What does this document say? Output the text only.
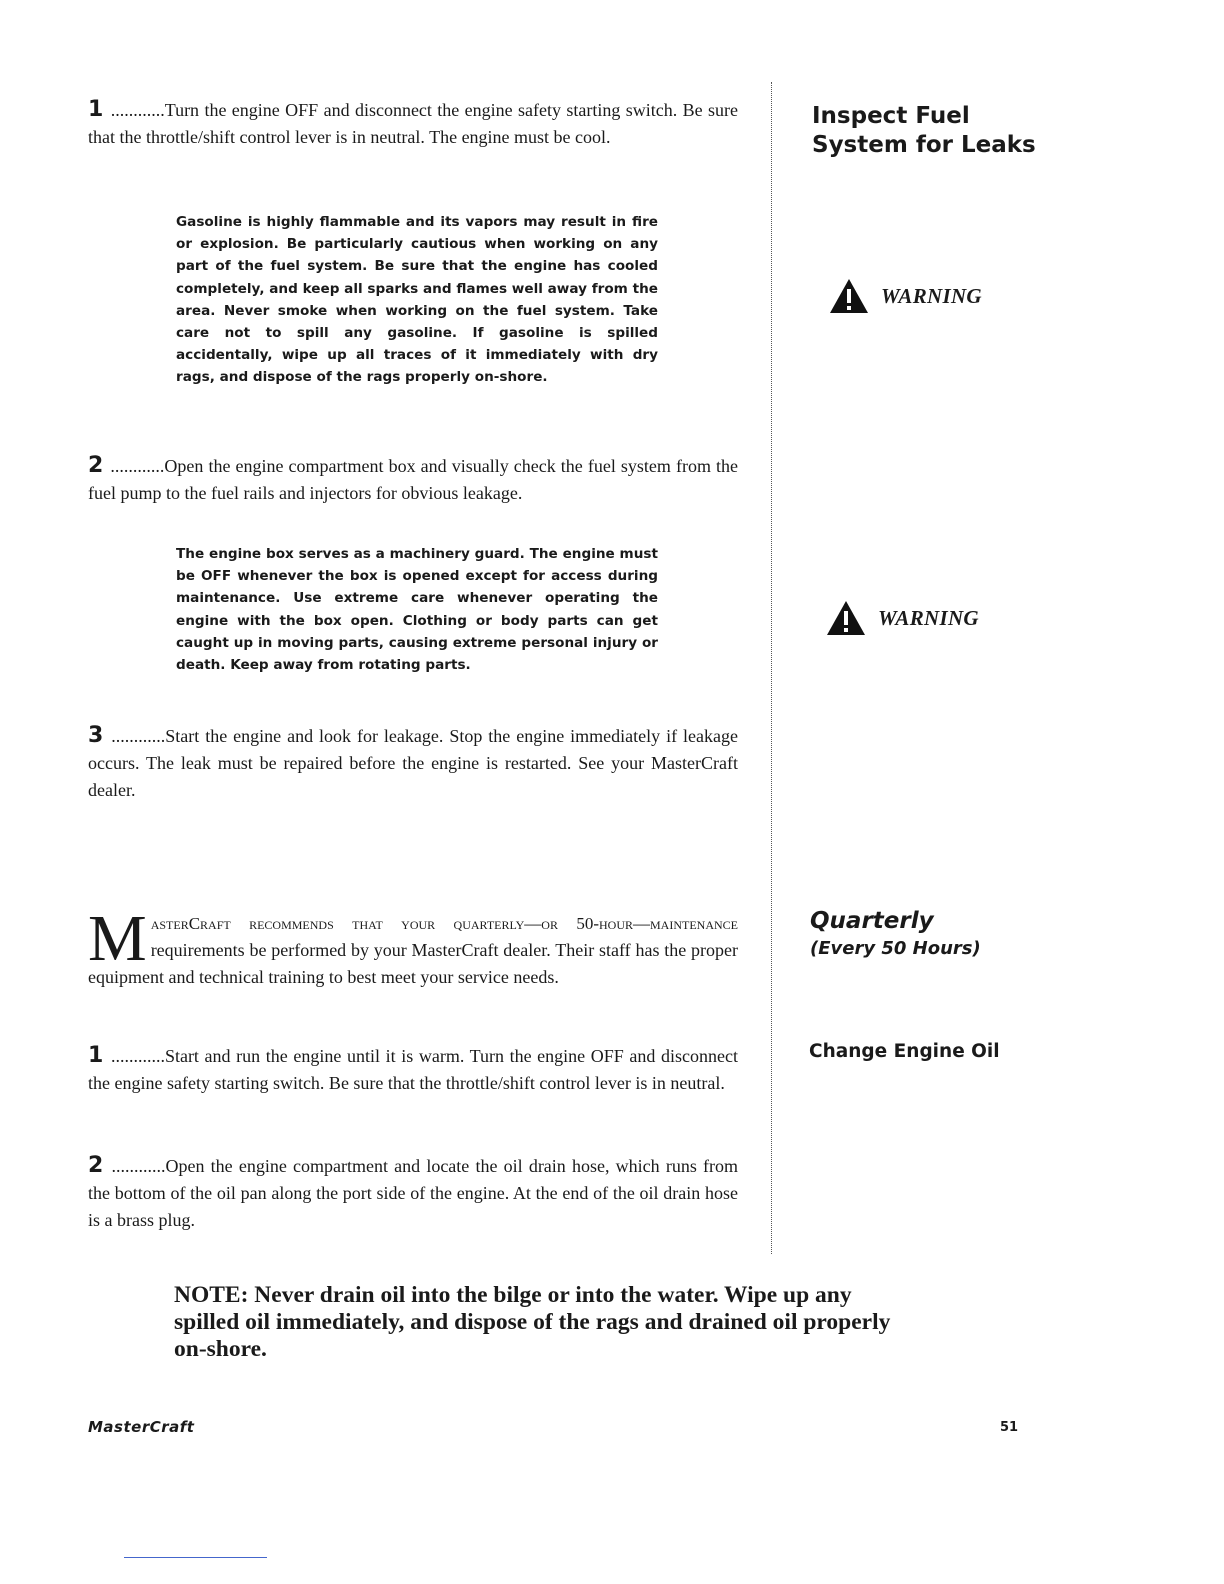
Inspect Fuel
System for Leaks

1 ............Turn the engine OFF and disconnect the engine safety starting switch. Be sure that the throttle/shift control lever is in neutral. The engine must be cool.

Gasoline is highly flammable and its vapors may result in fire or explosion. Be particularly cautious when working on any part of the fuel system. Be sure that the engine has cooled completely, and keep all sparks and flames well away from the area. Never smoke when working on the fuel system. Take care not to spill any gasoline. If gasoline is spilled accidentally, wipe up all traces of it immediately with dry rags, and dispose of the rags properly on-shore.

WARNING

2 ............Open the engine compartment box and visually check the fuel system from the fuel pump to the fuel rails and injectors for obvious leakage.

The engine box serves as a machinery guard. The engine must be OFF whenever the box is opened except for access during maintenance. Use extreme care whenever operating the engine with the box open. Clothing or body parts can get caught up in moving parts, causing extreme personal injury or death. Keep away from rotating parts.

WARNING

3 ............Start the engine and look for leakage. Stop the engine immediately if leakage occurs. The leak must be repaired before the engine is restarted. See your MasterCraft dealer.

Quarterly
(Every 50 Hours)

MasterCraft recommends that your quarterly—or 50-hour—maintenance requirements be performed by your MasterCraft dealer. Their staff has the proper equipment and technical training to best meet your service needs.

Change Engine Oil

1 ............Start and run the engine until it is warm. Turn the engine OFF and disconnect the engine safety starting switch. Be sure that the throttle/shift control lever is in neutral.

2 ............Open the engine compartment and locate the oil drain hose, which runs from the bottom of the oil pan along the port side of the engine. At the end of the oil drain hose is a brass plug.

NOTE: Never drain oil into the bilge or into the water. Wipe up any spilled oil immediately, and dispose of the rags and drained oil properly on-shore.

MasterCraft	51
